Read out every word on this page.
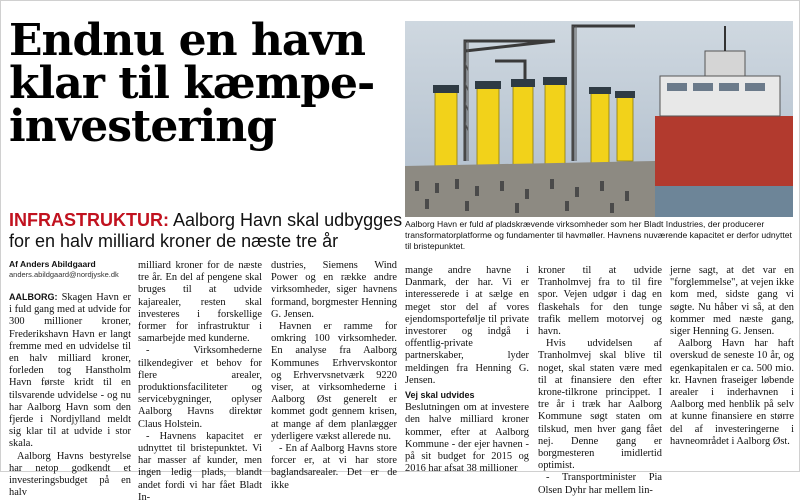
Endnu en havn
klar til kæmpe-
investering
Aalborg Havn er fuld af pladskrævende virksomheder som her Bladt Industries, der producerer transformatorplatforme og fundamenter til havmøller. Havnens nuværende kapacitet er derfor udnyttet til bristepunktet.
INFRASTRUKTUR: Aalborg Havn skal udbygges for en halv milliard kroner de næste tre år
Af Anders Abildgaard
anders.abildgaard@nordjyske.dk

AALBORG: Skagen Havn er i fuld gang med at udvide for 300 millioner kroner, Frederikshavn Havn er langt fremme med en udvidelse til en halv milliard kroner, forleden tog Hanstholm Havn første kridt til en tilsvarende udvidelse - og nu har Aalborg Havn som den fjerde i Nordjylland meldt sig klar til at udvide i stor skala.

Aalborg Havns bestyrelse har netop godkendt et investeringsbudget på en halv

milliard kroner for de næste tre år. En del af pengene skal bruges til at udvide kajarealer, resten skal investeres i forskellige former for infrastruktur i samarbejde med kunderne.

- Virksomhederne tilkendegiver et behov for flere arealer, produktionsfaciliteter og servicebygninger, oplyser Aalborg Havns direktør Claus Holstein.

- Havnens kapacitet er udnyttet til bristepunktet. Vi har masser af kunder, men ingen ledig plads, blandt andet fordi vi har fået Bladt In-

dustries, Siemens Wind Power og en række andre virksomheder, siger havnens formand, borgmester Henning G. Jensen.

Havnen er ramme for omkring 100 virksomheder. En analyse fra Aalborg Kommunes Erhvervskontor og Erhvervsnetværk 9220 viser, at virksomhederne i Aalborg Øst generelt er kommet godt gennem krisen, at mange af dem planlægger yderligere vækst allerede nu.

- En af Aalborg Havns store forcer er, at vi har store baglandsarealer. Det er de ikke

mange andre havne i Danmark, der har. Vi er interesserede i at sælge en meget stor del af vores ejendomsportefølje til private investorer og indgå i offentlig-private partnerskaber, lyder meldingen fra Henning G. Jensen.

Vej skal udvides

Beslutningen om at investere den halve milliard kroner kommer, efter at Aalborg Kommune - der ejer havnen - på sit budget for 2015 og 2016 har afsat 38 millioner

kroner til at udvide Tranholmvej fra to til fire spor. Vejen udgør i dag en flaskehals for den tunge trafik mellem motorvej og havn.

Hvis udvidelsen af Tranholmvej skal blive til noget, skal staten være med til at finansiere den efter krone-tilkrone princippet. I tre år i træk har Aalborg Kommune søgt staten om tilskud, men hver gang fået nej. Denne gang er borgmesteren imidlertid optimist.

- Transportminister Pia Olsen Dyhr har mellem lin-

jerne sagt, at det var en "forglemmelse", at vejen ikke kom med, sidste gang vi søgte. Nu håber vi så, at den kommer med næste gang, siger Henning G. Jensen.

Aalborg Havn har haft overskud de seneste 10 år, og egenkapitalen er ca. 500 mio. kr. Havnen fraseiger løbende arealer i inderhavnen i Aalborg med henblik på selv at kunne finansiere en større del af investeringerne i havneområdet i Aalborg Øst.
